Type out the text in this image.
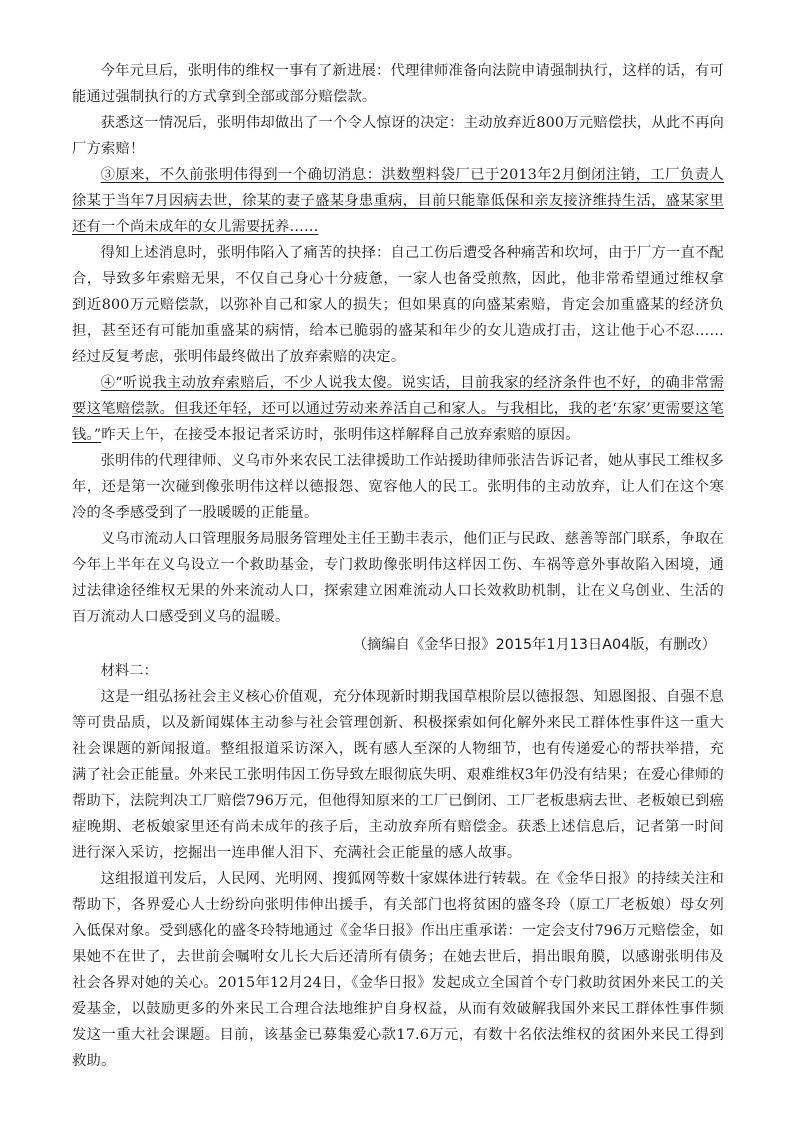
今年元旦后，张明伟的维权一事有了新进展：代理律师准备向法院申请强制执行，这样的话，有可能通过强制执行的方式拿到全部或部分赔偿款。

获悉这一情况后，张明伟却做出了一个令人惊讶的决定：主动放弃近800万元赔偿扶，从此不再向厂方索赔！

③原来，不久前张明伟得到一个确切消息：洪数塑料袋厂已于2013年2月倒闭注销，工厂负责人徐某于当年7月因病去世，徐某的妻子盛某身患重病，目前只能靠低保和亲友接济维持生活，盛某家里还有一个尚未成年的女儿需要抚养……

得知上述消息时，张明伟陷入了痛苦的抉择：自己工伤后遭受各种痛苦和坎坷，由于厂方一直不配合，导致多年索赔无果，不仅自己身心十分疲惫，一家人也备受煎熬，因此，他非常希望通过维权拿到近800万元赔偿款，以弥补自己和家人的损失；但如果真的向盛某索赔，肯定会加重盛某的经济负担，甚至还有可能加重盛某的病情，给本已脆弱的盛某和年少的女儿造成打击，这让他于心不忍……经过反复考虑，张明伟最终做出了放弃索赔的决定。

④“听说我主动放弃索赔后，不少人说我太傻。说实话，目前我家的经济条件也不好，的确非常需要这笔赔偿款。但我还年轻，还可以通过劳动来养活自己和家人。与我相比，我的老‘东家’更需要这笔钱。”昨天上午，在接受本报记者采访时，张明伟这样解释自己放弃索赔的原因。

张明伟的代理律师、义乌市外来农民工法律援助工作站援助律师张洁告诉记者，她从事民工维权多年，还是第一次碰到像张明伟这样以德报怨、宽容他人的民工。张明伟的主动放弃，让人们在这个寒冷的冬季感受到了一股暖暖的正能量。

义乌市流动人口管理服务局服务管理处主任王勤丰表示，他们正与民政、慈善等部门联系，争取在今年上半年在义乌设立一个救助基金，专门救助像张明伟这样因工伤、车祸等意外事故陷入困境，通过法律途径维权无果的外来流动人口，探索建立困难流动人口长效救助机制，让在义乌创业、生活的百万流动人口感受到义乌的温暖。

（摘编自《金华日报》2015年1月13日A04版，有删改）

材料二：

这是一组弘扬社会主义核心价值观，充分体现新时期我国草根阶层以德报怨、知恩图报、自强不息等可贵品质，以及新闻媒体主动参与社会管理创新、积极探索如何化解外来民工群体性事件这一重大社会课题的新闻报道。整组报道采访深入，既有感人至深的人物细节，也有传递爱心的帮扶举措，充满了社会正能量。外来民工张明伟因工伤导致左眼彻底失明、艰难维权3年仍没有结果；在爱心律师的帮助下，法院判决工厂赔偿796万元，但他得知原来的工厂已倒闭、工厂老板患病去世、老板娘已到癌症晚期、老板娘家里还有尚未成年的孩子后，主动放弃所有赔偿金。获悉上述信息后，记者第一时间进行深入采访，挖掘出一连串催人泪下、充满社会正能量的感人故事。

这组报道刊发后，人民网、光明网、搜狐网等数十家媒体进行转载。在《金华日报》的持续关注和帮助下，各界爱心人士纷纷向张明伟伸出援手，有关部门也将贫困的盛冬玲（原工厂老板娘）母女列入低保对象。受到感化的盛冬玲特地通过《金华日报》作出庄重承诺：一定会支付796万元赔偿金，如果她不在世了，去世前会嘱咐女儿长大后还清所有债务；在她去世后，捐出眼角膜，以感谢张明伟及社会各界对她的关心。2015年12月24日，《金华日报》发起成立全国首个专门救助贫困外来民工的关爱基金，以鼓励更多的外来民工合理合法地维护自身权益，从而有效破解我国外来民工群体性事件频发这一重大社会课题。目前，该基金已募集爱心款17.6万元，有数十名依法维权的贫困外来民工得到救助。
